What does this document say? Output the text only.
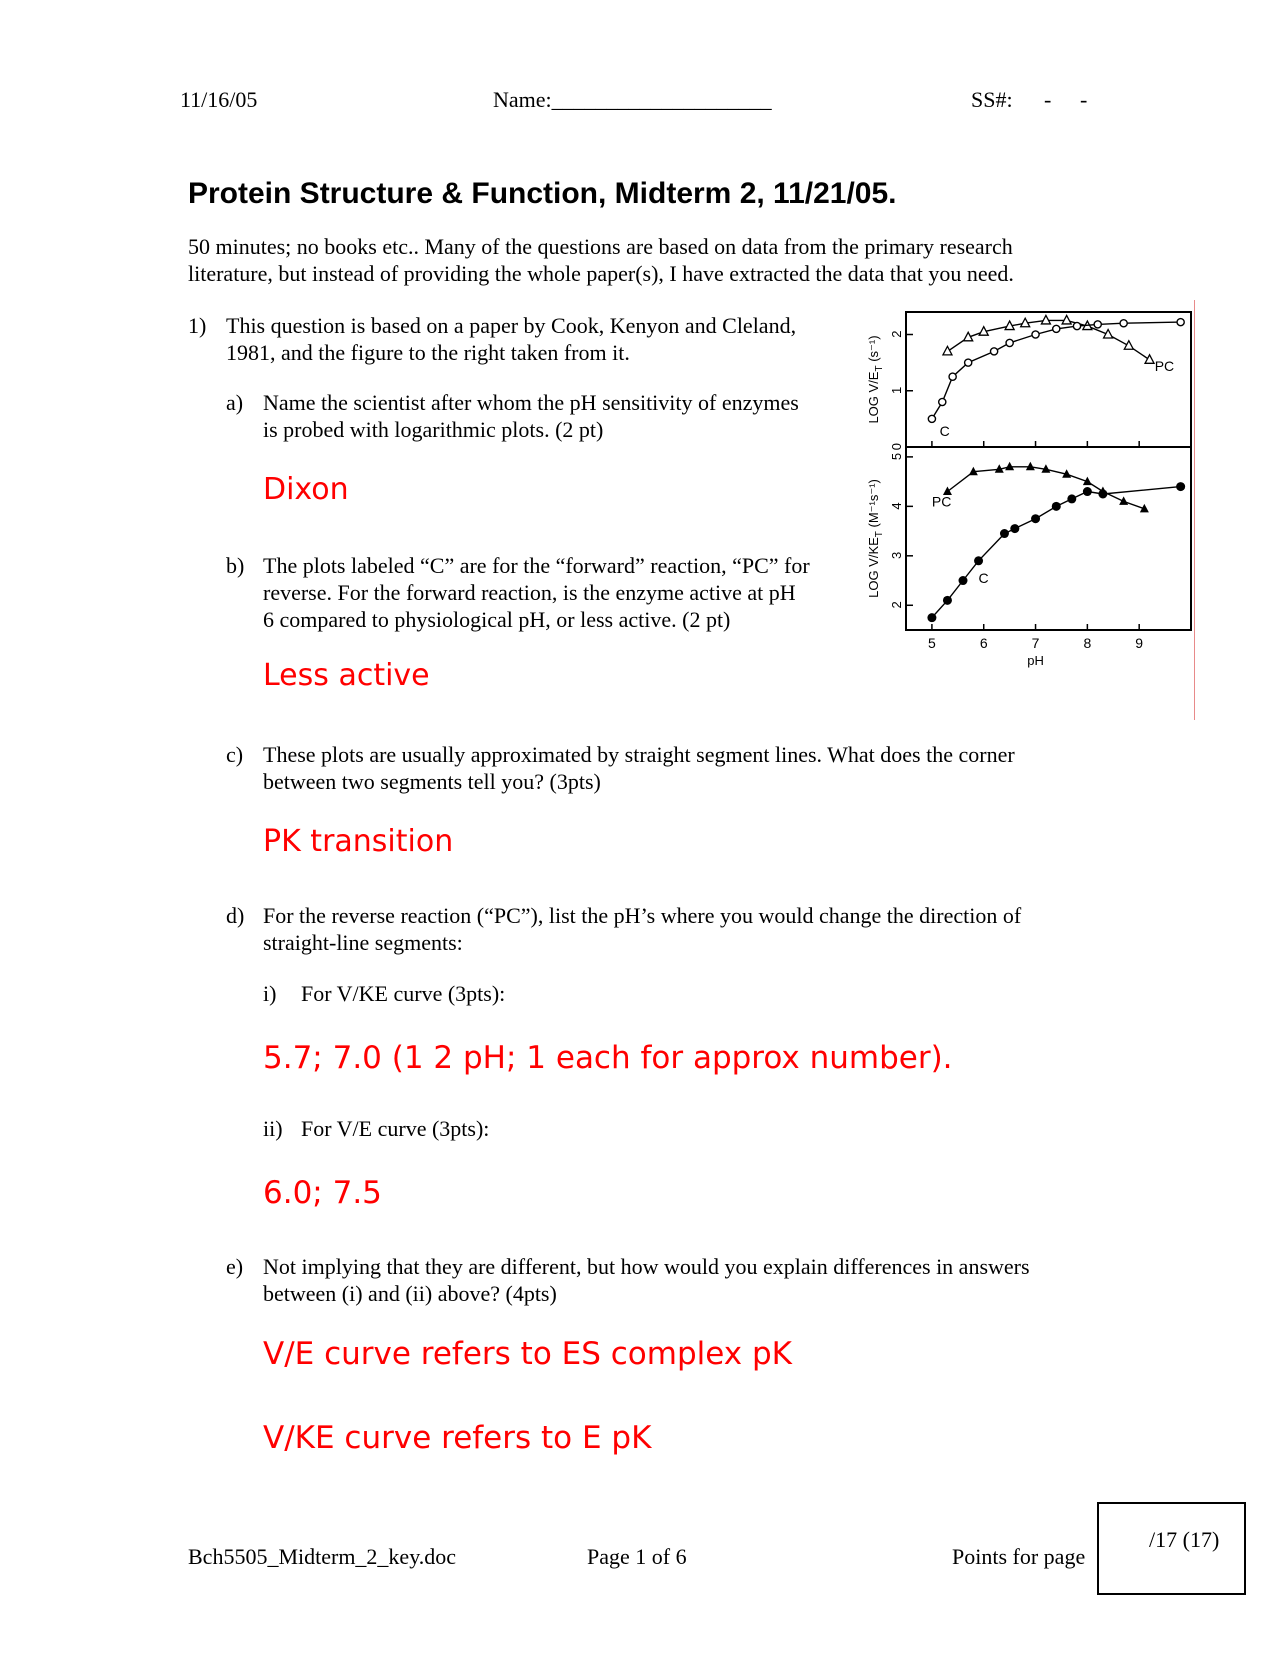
11/16/05	Name:____________________	SS#: - -
Protein Structure & Function, Midterm 2, 11/21/05.
50 minutes; no books etc.. Many of the questions are based on data from the primary research
literature, but instead of providing the whole paper(s), I have extracted the data that you need.
1) This question is based on a paper by Cook, Kenyon and Cleland,
1981, and the figure to the right taken from it.
a) Name the scientist after whom the pH sensitivity of enzymes
is probed with logarithmic plots. (2 pt)
Dixon
b) The plots labeled “C” are for the “forward” reaction, “PC” for
reverse. For the forward reaction, is the enzyme active at pH
6 compared to physiological pH, or less active. (2 pt)
Less active
0
1
2
LOG $V/E_T$ (s⁻¹)
PC
C
2
3
4
5
LOG $V/KE_T$ (M⁻¹s⁻¹)	PC
C
5	6	7	8	9
pH
c) These plots are usually approximated by straight segment lines. What does the corner
between two segments tell you? (3pts)
PK transition
d) For the reverse reaction (“PC”), list the pH’s where you would change the direction of
straight-line segments:
i) For V/KE curve (3pts):
5.7; 7.0 (1 2 pH; 1 each for approx number).
ii) For V/E curve (3pts):
6.0; 7.5
e) Not implying that they are different, but how would you explain differences in answers
between (i) and (ii) above? (4pts)
V/E curve refers to ES complex pK
V/KE curve refers to E pK
Bch5505_Midterm_2_key.doc	Page 1 of 6	Points for page
/17 (17)
